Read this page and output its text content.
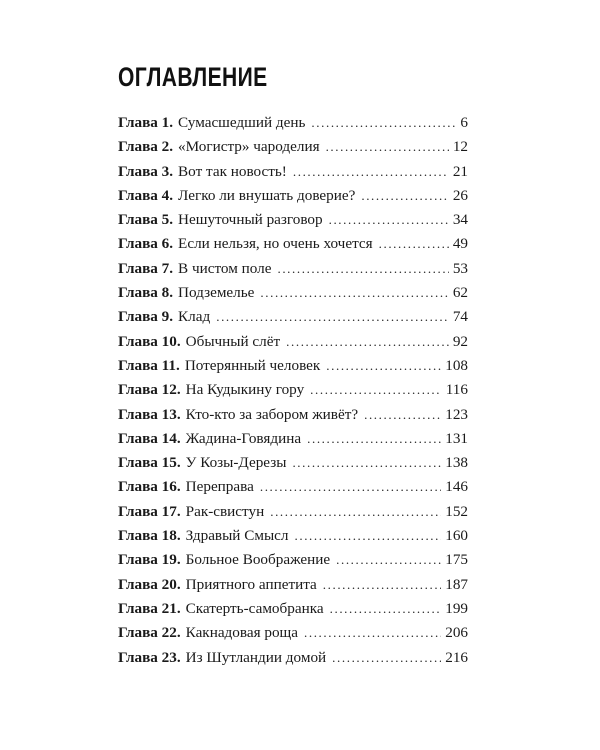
ОГЛАВЛЕНИЕ
Глава 1. Сумасшедший день .....	6
Глава 2. «Могистр» чароделия .....	12
Глава 3. Вот так новость! .....	21
Глава 4. Легко ли внушать доверие? .....	26
Глава 5. Нешуточный разговор .....	34
Глава 6. Если нельзя, но очень хочется .....	49
Глава 7. В чистом поле .....	53
Глава 8. Подземелье .....	62
Глава 9. Клад .....	74
Глава 10. Обычный слёт .....	92
Глава 11. Потерянный человек .....	108
Глава 12. На Кудыкину гору .....	116
Глава 13. Кто-кто за забором живёт? .....	123
Глава 14. Жадина-Говядина .....	131
Глава 15. У Козы-Дерезы .....	138
Глава 16. Переправа .....	146
Глава 17. Рак-свистун .....	152
Глава 18. Здравый Смысл .....	160
Глава 19. Больное Воображение .....	175
Глава 20. Приятного аппетита .....	187
Глава 21. Скатерть-самобранка .....	199
Глава 22. Какнадовая роща .....	206
Глава 23. Из Шутландии домой .....	216
